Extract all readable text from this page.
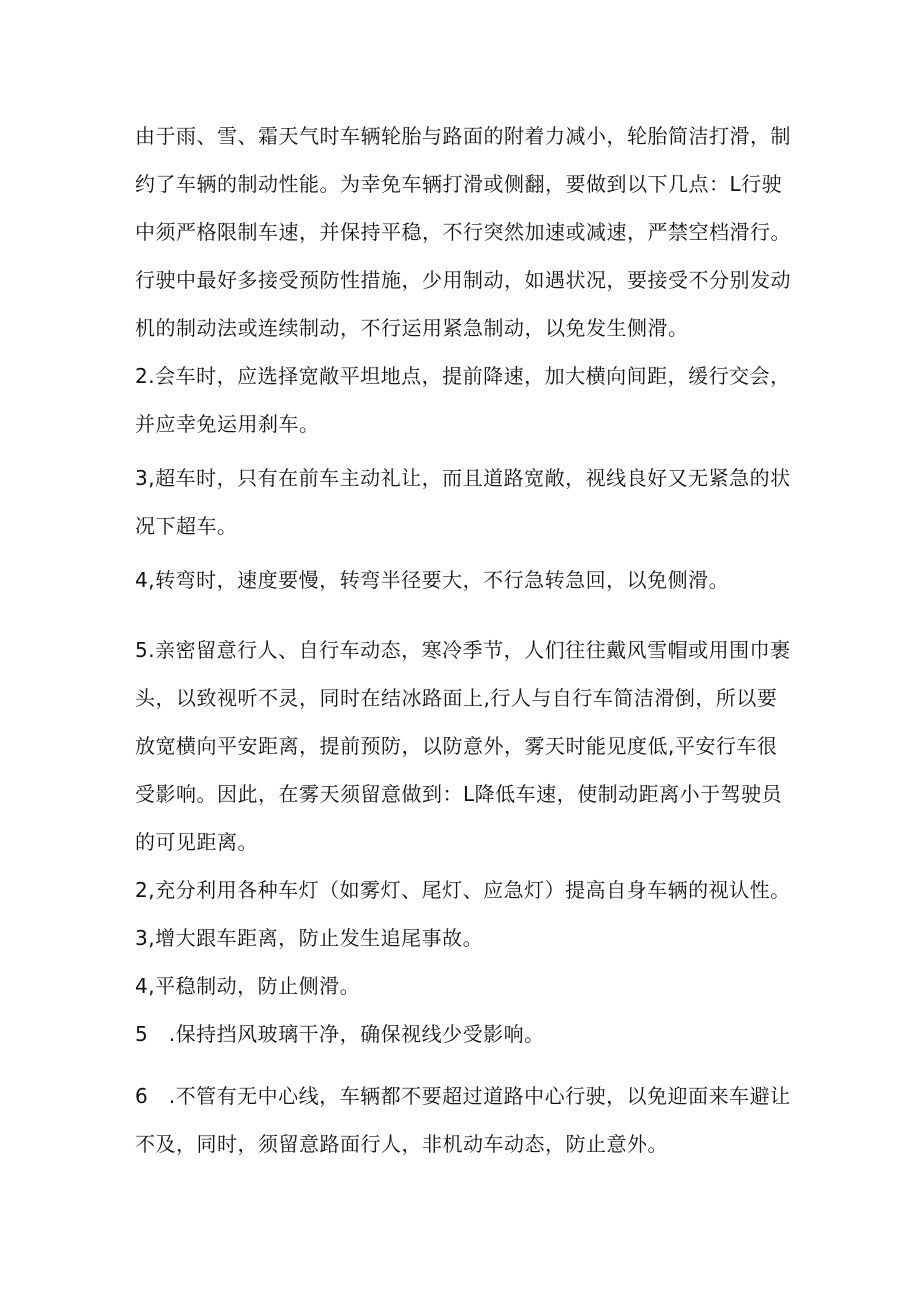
由于雨、雪、霜天气时车辆轮胎与路面的附着力减小，轮胎简洁打滑，制约了车辆的制动性能。为幸免车辆打滑或侧翻，要做到以下几点：L行驶中须严格限制车速，并保持平稳，不行突然加速或减速，严禁空档滑行。行驶中最好多接受预防性措施，少用制动，如遇状况，要接受不分别发动机的制动法或连续制动，不行运用紧急制动，以免发生侧滑。

2.会车时，应选择宽敞平坦地点，提前降速，加大横向间距，缓行交会，并应幸免运用刹车。

3,超车时，只有在前车主动礼让，而且道路宽敞，视线良好又无紧急的状况下超车。

4,转弯时，速度要慢，转弯半径要大，不行急转急回，以免侧滑。

5.亲密留意行人、自行车动态，寒冷季节，人们往往戴风雪帽或用围巾裹头，以致视听不灵，同时在结冰路面上,行人与自行车简洁滑倒，所以要放宽横向平安距离，提前预防，以防意外，雾天时能见度低,平安行车很受影响。因此，在雾天须留意做到：L降低车速，使制动距离小于驾驶员的可见距离。

2,充分利用各种车灯（如雾灯、尾灯、应急灯）提高自身车辆的视认性。

3,增大跟车距离，防止发生追尾事故。

4,平稳制动，防止侧滑。

5　.保持挡风玻璃干净，确保视线少受影响。

6　.不管有无中心线，车辆都不要超过道路中心行驶，以免迎面来车避让不及，同时，须留意路面行人，非机动车动态，防止意外。
